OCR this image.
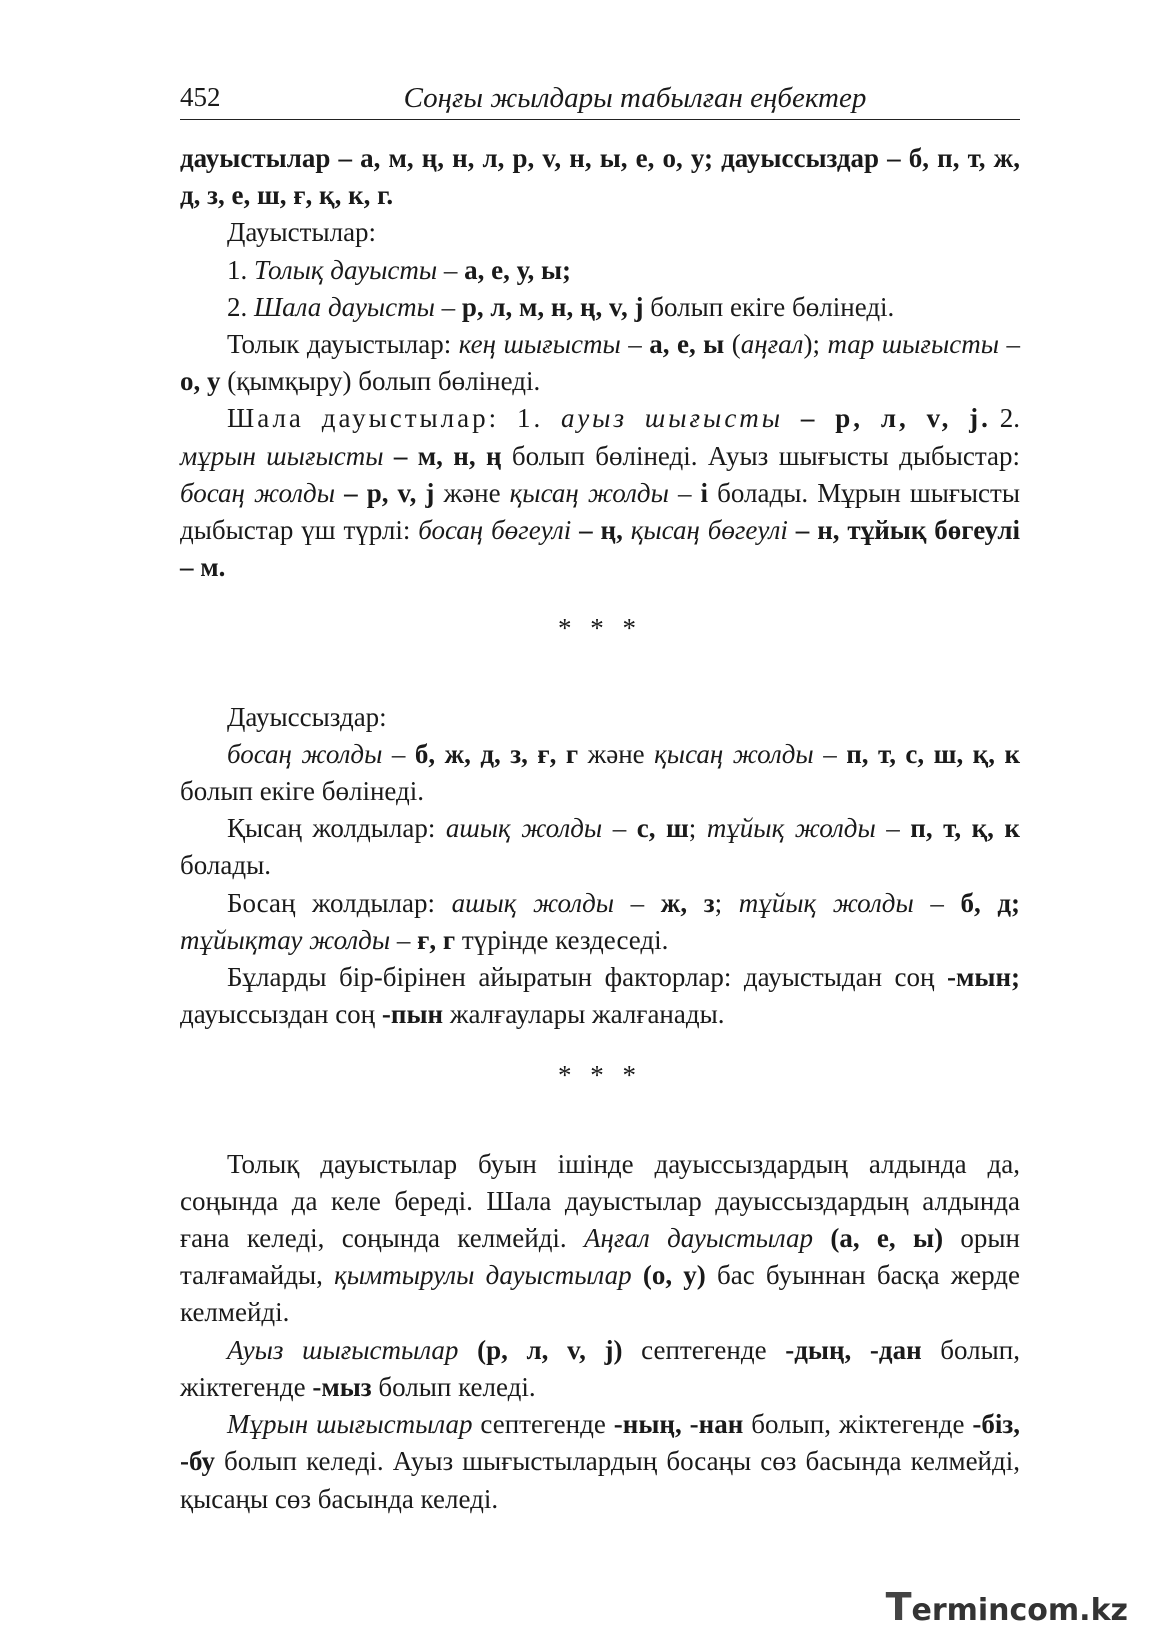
452	Соңғы жылдары табылған еңбектер

дауыстылар – а, м, ң, н, л, р, v, н, ы, е, о, у; дауыссыздар – б, п, т, ж, д, з, е, ш, ғ, қ, к, г.

Дауыстылар:

1. Толық дауысты – а, е, у, ы;

2. Шала дауысты – р, л, м, н, ң, v, j болып екіге бөлінеді.

Толык дауыстылар: кең шығысты – а, е, ы (аңғал); тар шығысты – о, у (қымқыру) болып бөлінеді.

Шала дауыстылар: 1. ауыз шығысты – р, л, v, j. 2. мұрын шығысты – м, н, ң болып бөлінеді. Ауыз шығысты дыбыстар: босаң жолды – р, v, j және қысаң жолды – і болады. Мұрын шығысты дыбыстар үш түрлі: босаң бөгеулі – ң, қысаң бөгеулі – н, тұйық бөгеулі – м.

* * *

Дауыссыздар:

босаң жолды – б, ж, д, з, ғ, г және қысаң жолды – п, т, с, ш, қ, к болып екіге бөлінеді.

Қысаң жолдылар: ашық жолды – с, ш; тұйық жолды – п, т, қ, к болады.

Босаң жолдылар: ашық жолды – ж, з; тұйық жолды – б, д; тұйықтау жолды – ғ, г түрінде кездеседі.

Бұларды бір-бірінен айыратын факторлар: дауыстыдан соң -мын; дауыссыздан соң -пын жалғаулары жалғанады.

* * *

Толық дауыстылар буын ішінде дауыссыздардың алдында да, соңында да келе береді. Шала дауыстылар дауыссыздардың алдында ғана келеді, соңында келмейді. Аңғал дауыстылар (а, е, ы) орын талғамайды, қымтырулы дауыстылар (о, у) бас буыннан басқа жерде келмейді.

Ауыз шығыстылар (р, л, v, j) септегенде -дың, -дан болып, жіктегенде -мыз болып келеді.

Мұрын шығыстылар септегенде -ның, -нан болып, жіктегенде -біз, -бу болып келеді. Ауыз шығыстылардың босаңы сөз басында келмейді, қысаңы сөз басында келеді.

Termincom.kz
